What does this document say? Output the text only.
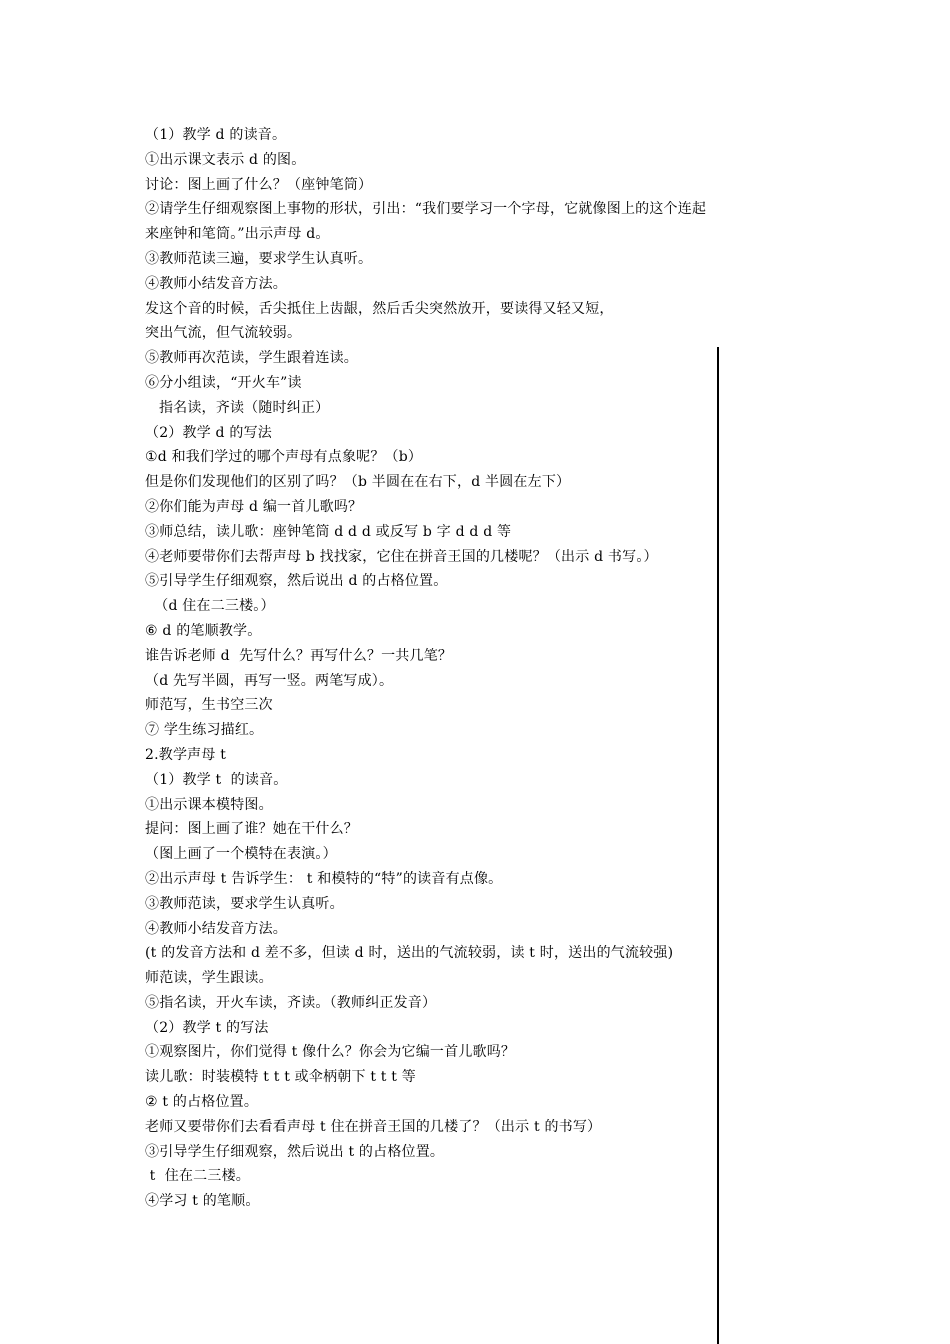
（1）教学 d 的读音。
①出示课文表示 d 的图。
讨论：图上画了什么？（座钟笔筒）
②请学生仔细观察图上事物的形状，引出：“我们要学习一个字母，它就像图上的这个连起
来座钟和笔筒。”出示声母 d。
③教师范读三遍，要求学生认真听。
④教师小结发音方法。
发这个音的时候，舌尖抵住上齿龈，然后舌尖突然放开，要读得又轻又短，
突出气流，但气流较弱。
⑤教师再次范读，学生跟着连读。
⑥分小组读，“开火车”读
指名读，齐读（随时纠正）
（2）教学 d 的写法
①d 和我们学过的哪个声母有点象呢？（b）
但是你们发现他们的区别了吗？（b 半圆在在右下，d 半圆在左下）
②你们能为声母 d 编一首儿歌吗？
③师总结，读儿歌：座钟笔筒 d d d 或反写 b 字 d d d 等
④老师要带你们去帮声母 b 找找家，它住在拼音王国的几楼呢？（出示 d 书写。）
⑤引导学生仔细观察，然后说出 d 的占格位置。
（d 住在二三楼。）
⑥ d 的笔顺教学。
谁告诉老师 d  先写什么？再写什么？一共几笔？
（d 先写半圆，再写一竖。两笔写成）。
师范写，生书空三次
⑦ 学生练习描红。
2.教学声母 t
（1）教学 t  的读音。
①出示课本模特图。
提问：图上画了谁？她在干什么？
（图上画了一个模特在表演。）
②出示声母 t 告诉学生： t 和模特的“特”的读音有点像。
③教师范读，要求学生认真听。
④教师小结发音方法。
(t 的发音方法和 d 差不多，但读 d 时，送出的气流较弱，读 t 时，送出的气流较强)
师范读，学生跟读。
⑤指名读，开火车读，齐读。（教师纠正发音）
（2）教学 t 的写法
①观察图片，你们觉得 t 像什么？你会为它编一首儿歌吗？
读儿歌：时装模特 t t t 或伞柄朝下 t t t 等
② t 的占格位置。
老师又要带你们去看看声母 t 住在拼音王国的几楼了？（出示 t 的书写）
③引导学生仔细观察，然后说出 t 的占格位置。
t  住在二三楼。
④学习 t 的笔顺。
